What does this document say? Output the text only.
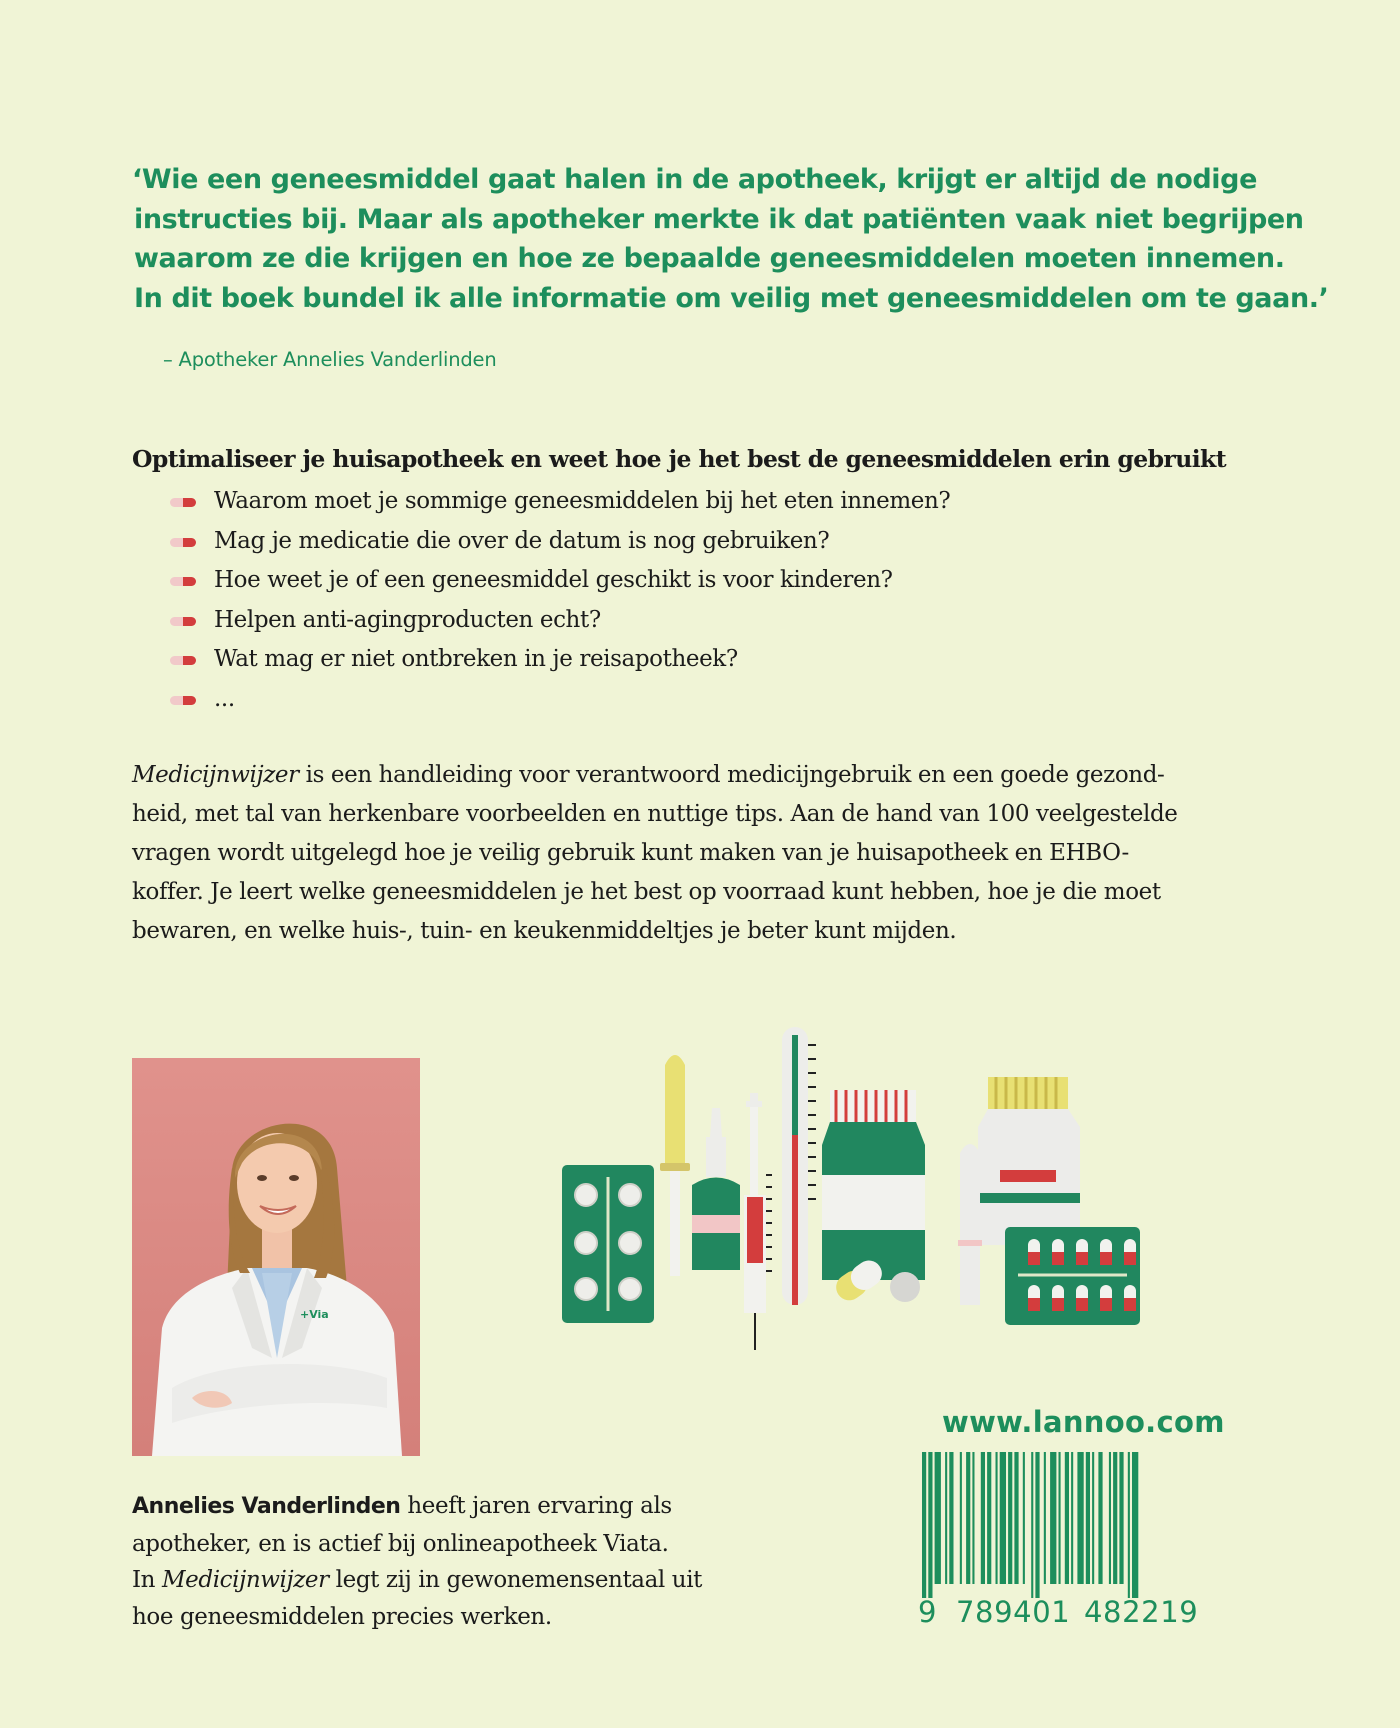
‘Wie een geneesmiddel gaat halen in de apotheek, krijgt er altijd de nodige
instructies bij. Maar als apotheker merkte ik dat patiënten vaak niet begrijpen
waarom ze die krijgen en hoe ze bepaalde geneesmiddelen moeten innemen.
In dit boek bundel ik alle informatie om veilig met geneesmiddelen om te gaan.’
– Apotheker Annelies Vanderlinden
Optimaliseer je huisapotheek en weet hoe je het best de geneesmiddelen erin gebruikt
Waarom moet je sommige geneesmiddelen bij het eten innemen?
Mag je medicatie die over de datum is nog gebruiken?
Hoe weet je of een geneesmiddel geschikt is voor kinderen?
Helpen anti-agingproducten echt?
Wat mag er niet ontbreken in je reisapotheek?
...
Medicijnwijzer is een handleiding voor verantwoord medicijngebruik en een goede gezond-
heid, met tal van herkenbare voorbeelden en nuttige tips. Aan de hand van 100 veelgestelde
vragen wordt uitgelegd hoe je veilig gebruik kunt maken van je huisapotheek en EHBO-
koffer. Je leert welke geneesmiddelen je het best op voorraad kunt hebben, hoe je die moet
bewaren, en welke huis-, tuin- en keukenmiddeltjes je beter kunt mijden.
+Via
Annelies Vanderlinden heeft jaren ervaring als
apotheker, en is actief bij onlineapotheek Viata.
In Medicijnwijzer legt zij in gewonemensentaal uit
hoe geneesmiddelen precies werken.
www.lannoo.com
9 789401 482219
